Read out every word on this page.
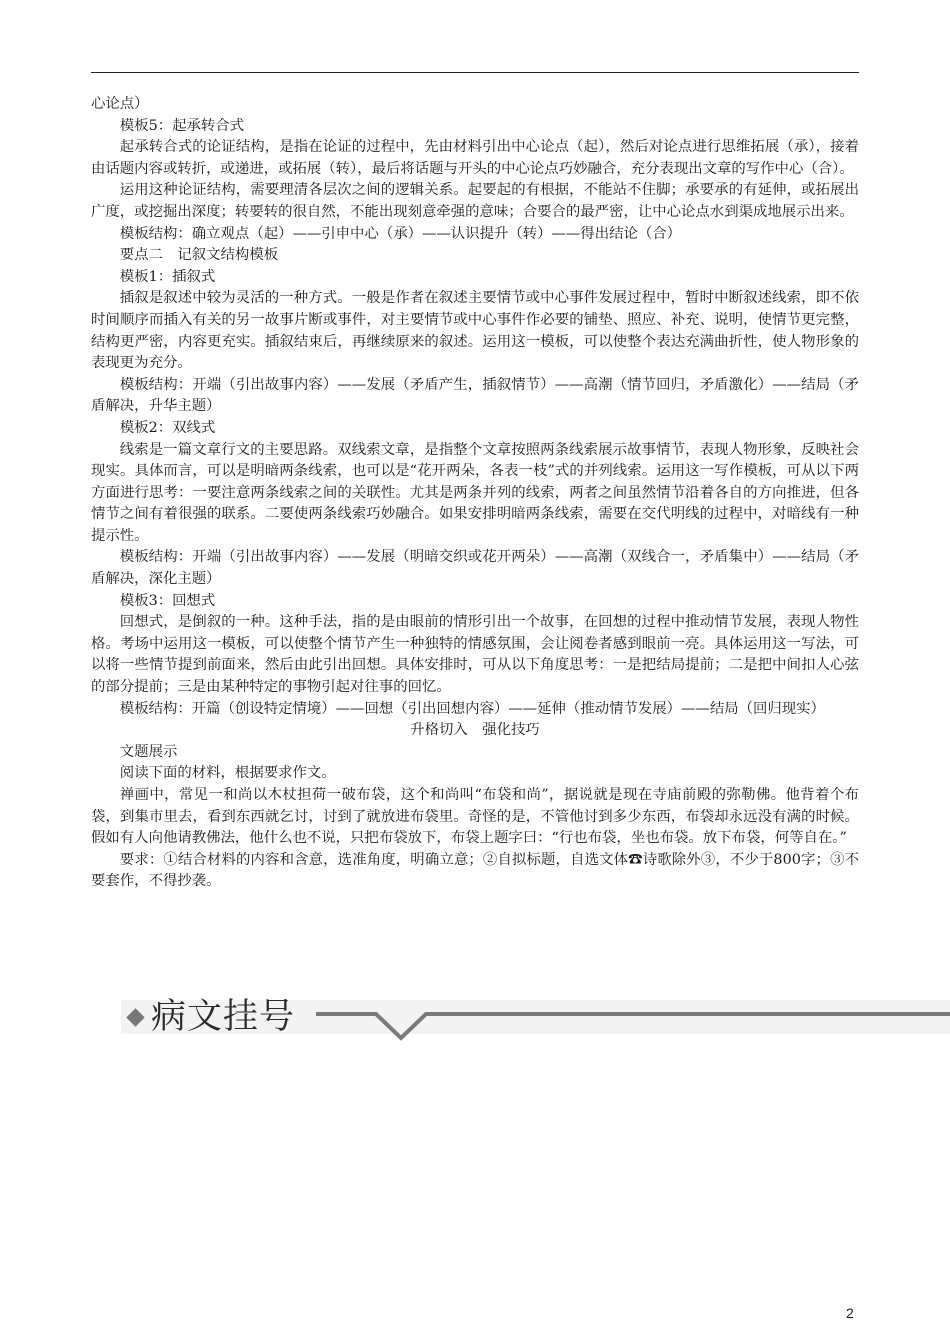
心论点）

模板5：起承转合式

起承转合式的论证结构，是指在论证的过程中，先由材料引出中心论点（起），然后对论点进行思维拓展（承），接着由话题内容或转折，或递进，或拓展（转），最后将话题与开头的中心论点巧妙融合，充分表现出文章的写作中心（合）。

运用这种论证结构，需要理清各层次之间的逻辑关系。起要起的有根据，不能站不住脚；承要承的有延伸，或拓展出广度，或挖掘出深度；转要转的很自然，不能出现刻意牵强的意味；合要合的最严密，让中心论点水到渠成地展示出来。

模板结构：确立观点（起）——引申中心（承）——认识提升（转）——得出结论（合）

要点二　记叙文结构模板

模板1：插叙式

插叙是叙述中较为灵活的一种方式。一般是作者在叙述主要情节或中心事件发展过程中，暂时中断叙述线索，即不依时间顺序而插入有关的另一故事片断或事件，对主要情节或中心事件作必要的铺垫、照应、补充、说明，使情节更完整，结构更严密，内容更充实。插叙结束后，再继续原来的叙述。运用这一模板，可以使整个表达充满曲折性，使人物形象的表现更为充分。

模板结构：开端（引出故事内容）——发展（矛盾产生，插叙情节）——高潮（情节回归，矛盾激化）——结局（矛盾解决，升华主题）

模板2：双线式

线索是一篇文章行文的主要思路。双线索文章，是指整个文章按照两条线索展示故事情节，表现人物形象，反映社会现实。具体而言，可以是明暗两条线索，也可以是“花开两朵，各表一枝”式的并列线索。运用这一写作模板，可从以下两方面进行思考：一要注意两条线索之间的关联性。尤其是两条并列的线索，两者之间虽然情节沿着各自的方向推进，但各情节之间有着很强的联系。二要使两条线索巧妙融合。如果安排明暗两条线索，需要在交代明线的过程中，对暗线有一种提示性。

模板结构：开端（引出故事内容）——发展（明暗交织或花开两朵）——高潮（双线合一，矛盾集中）——结局（矛盾解决，深化主题）

模板3：回想式

回想式，是倒叙的一种。这种手法，指的是由眼前的情形引出一个故事，在回想的过程中推动情节发展，表现人物性格。考场中运用这一模板，可以使整个情节产生一种独特的情感氛围，会让阅卷者感到眼前一亮。具体运用这一写法，可以将一些情节提到前面来，然后由此引出回想。具体安排时，可从以下角度思考：一是把结局提前；二是把中间扣人心弦的部分提前；三是由某种特定的事物引起对往事的回忆。

模板结构：开篇（创设特定情境）——回想（引出回想内容）——延伸（推动情节发展）——结局（回归现实）

升格切入　强化技巧

文题展示

阅读下面的材料，根据要求作文。

禅画中，常见一和尚以木杖担荷一破布袋，这个和尚叫“布袋和尚”，据说就是现在寺庙前殿的弥勒佛。他背着个布袋，到集市里去，看到东西就乞讨，讨到了就放进布袋里。奇怪的是，不管他讨到多少东西，布袋却永远没有满的时候。假如有人向他请教佛法，他什么也不说，只把布袋放下，布袋上题字曰：“行也布袋，坐也布袋。放下布袋，何等自在。”

要求：①结合材料的内容和含意，选准角度，明确立意；②自拟标题，自选文体☎诗歌除外③，不少于800字；③不要套作，不得抄袭。

病文挂号
2
